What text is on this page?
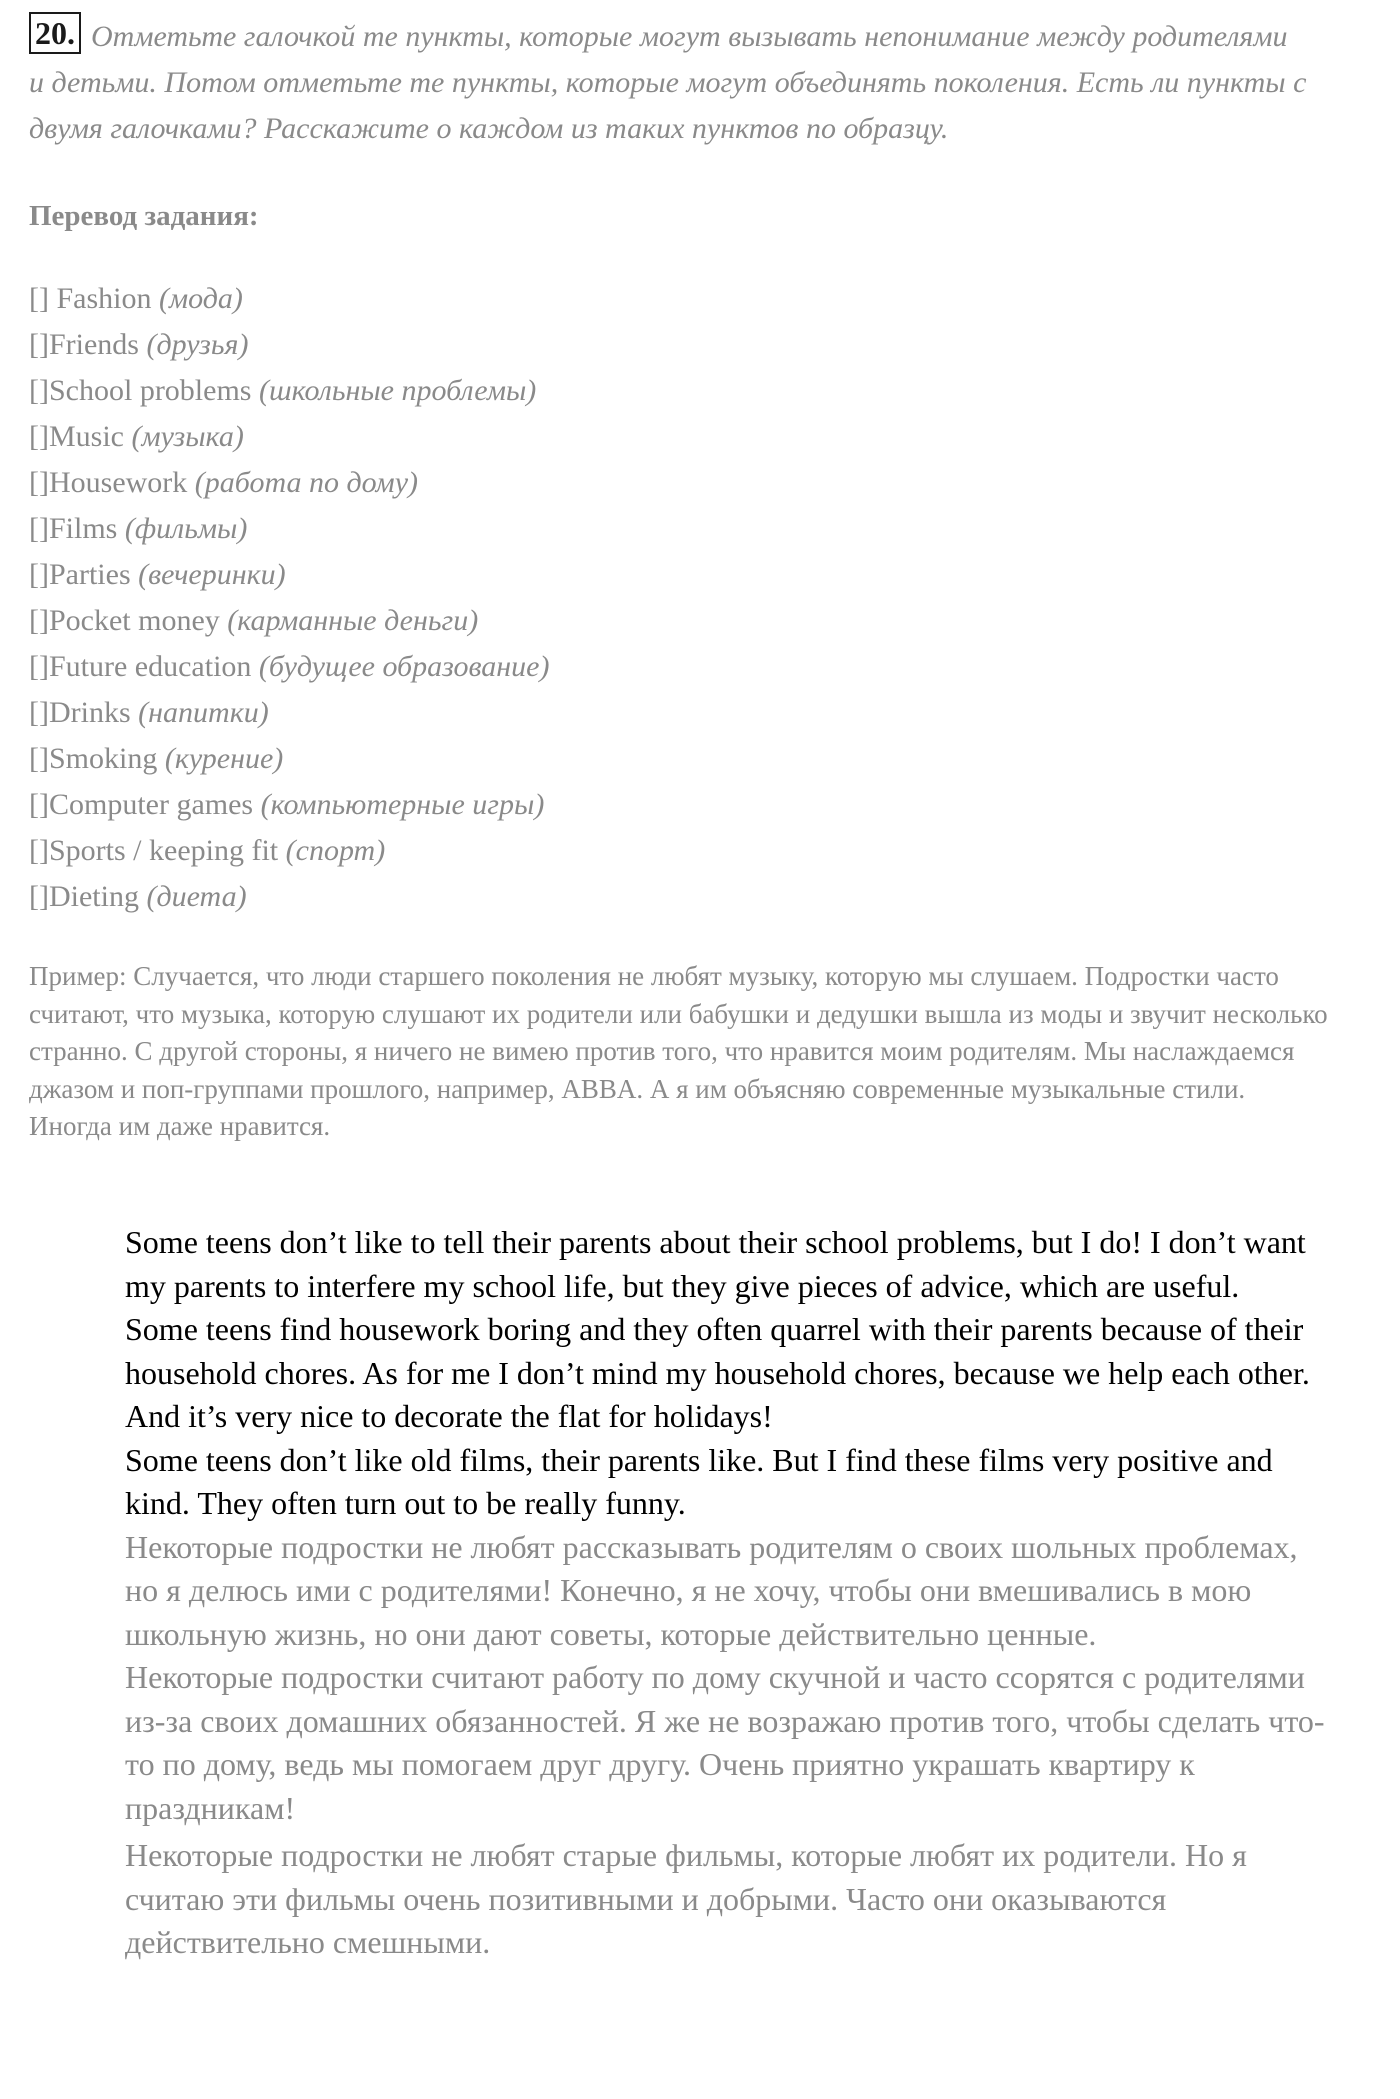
20. Отметьте галочкой те пункты, которые могут вызывать непонимание между родителями и детьми. Потом отметьте те пункты, которые могут объединять поколения. Есть ли пункты с двумя галочками? Расскажите о каждом из таких пунктов по образцу.
Перевод задания:
[] Fashion (мода)
[]Friends (друзья)
[]School problems (школьные проблемы)
[]Music (музыка)
[]Housework (работа по дому)
[]Films (фильмы)
[]Parties (вечеринки)
[]Pocket money (карманные деньги)
[]Future education (будущее образование)
[]Drinks (напитки)
[]Smoking (курение)
[]Computer games (компьютерные игры)
[]Sports / keeping fit (спорт)
[]Dieting (диета)
Пример: Случается, что люди старшего поколения не любят музыку, которую мы слушаем. Подростки часто считают, что музыка, которую слушают их родители или бабушки и дедушки вышла из моды и звучит несколько странно. С другой стороны, я ничего не вимею против того, что нравится моим родителям. Мы наслаждаемся джазом и поп-группами прошлого, например, ABBA. А я им объясняю современные музыкальные стили. Иногда им даже нравится.

Some teens don’t like to tell their parents about their school problems, but I do! I don’t want my parents to interfere my school life, but they give pieces of advice, which are useful.

Some teens find housework boring and they often quarrel with their parents because of their household chores. As for me I don’t mind my household chores, because we help each other. And it’s very nice to decorate the flat for holidays!

Some teens don’t like old films, their parents like. But I find these films very positive and kind. They often turn out to be really funny.

Некоторые подростки не любят рассказывать родителям о своих шольных проблемах, но я делюсь ими с родителями! Конечно, я не хочу, чтобы они вмешивались в мою школьную жизнь, но они дают советы, которые действительно ценные.

Некоторые подростки считают работу по дому скучной и часто ссорятся с родителями из-за своих домашних обязанностей. Я же не возражаю против того, чтобы сделать что-то по дому, ведь мы помогаем друг другу. Очень приятно украшать квартиру к праздникам!

Некоторые подростки не любят старые фильмы, которые любят их родители. Но я считаю эти фильмы очень позитивными и добрыми. Часто они оказываются действительно смешными.
